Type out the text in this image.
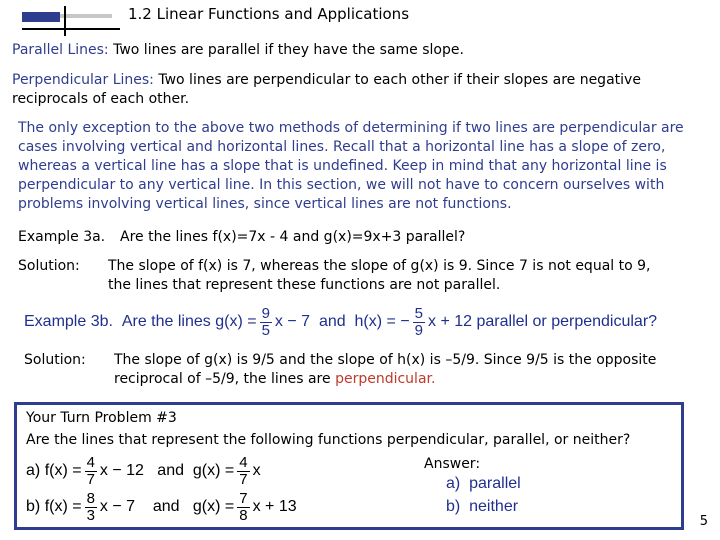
1.2 Linear Functions and Applications
Parallel Lines: Two lines are parallel if they have the same slope.
Perpendicular Lines: Two lines are perpendicular to each other if their slopes are negative
reciprocals of each other.
The only exception to the above two methods of determining if two lines are perpendicular are
cases involving vertical and horizontal lines. Recall that a horizontal line has a slope of zero,
whereas a vertical line has a slope that is undefined. Keep in mind that any horizontal line is
perpendicular to any vertical line. In this section, we will not have to concern ourselves with
problems involving vertical lines, since vertical lines are not functions.
Example 3a. Are the lines f(x)=7x - 4 and g(x)=9x+3 parallel?
Solution: The slope of f(x) is 7, whereas the slope of g(x) is 9. Since 7 is not equal to 9,
the lines that represent these functions are not parallel.
Example 3b.
Are the lines
$g(x) = \frac{9}{5}$ x − 7
and
h(x) = − $\frac{5}{9}$ x + 12
parallel or perpendicular?
Solution: The slope of g(x) is 9/5 and the slope of h(x) is –5/9. Since 9/5 is the opposite
reciprocal of –5/9, the lines are perpendicular.
Your Turn Problem #3
Are the lines that represent the following functions perpendicular, parallel, or neither?
a)
$f(x) = \frac{4}{7}$ x − 12
and
$g(x) = \frac{4}{7}$ x
b)
$f(x) = \frac{8}{3}$ x − 7
and
$g(x) = \frac{7}{8}$ x + 13
Answer:
a)
parallel
b)
neither
5
